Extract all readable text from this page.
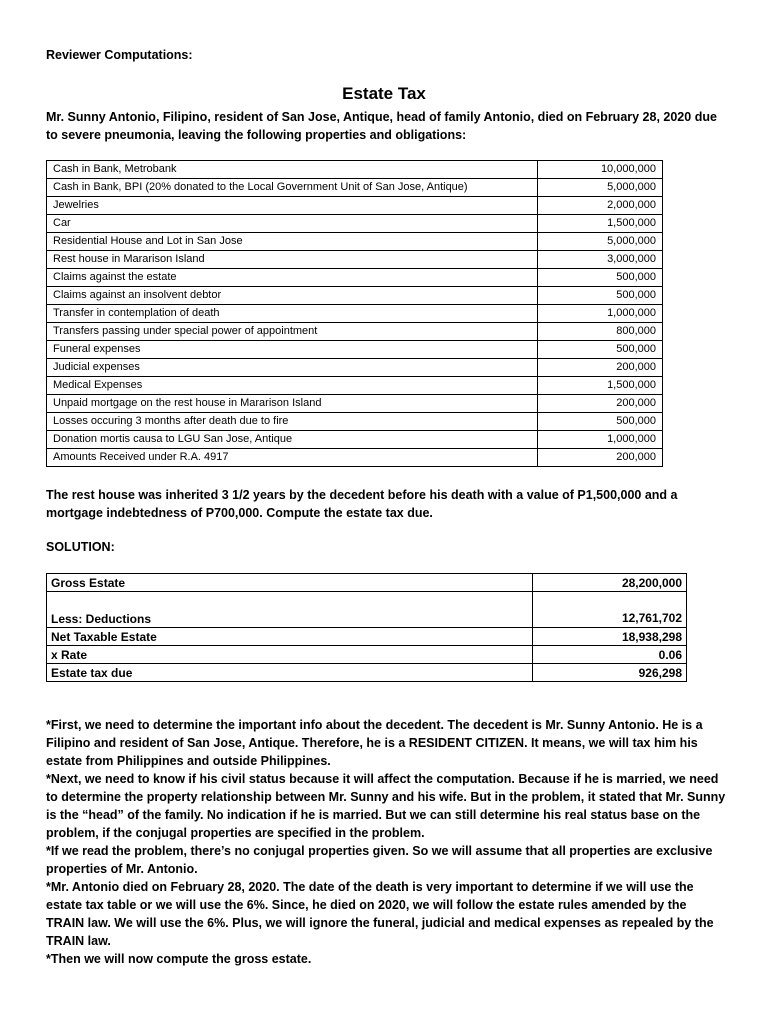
Reviewer Computations:
Estate Tax
Mr. Sunny Antonio, Filipino, resident of San Jose, Antique, head of family Antonio, died on February 28, 2020 due to severe pneumonia, leaving the following properties and obligations:
Cash in Bank, Metrobank	10,000,000
Cash in Bank, BPI (20% donated to the Local Government Unit of San Jose, Antique)	5,000,000
Jewelries	2,000,000
Car	1,500,000
Residential House and Lot in San Jose	5,000,000
Rest house in Mararison Island	3,000,000
Claims against the estate	500,000
Claims against an insolvent debtor	500,000
Transfer in contemplation of death	1,000,000
Transfers passing under special power of appointment	800,000
Funeral expenses	500,000
Judicial expenses	200,000
Medical Expenses	1,500,000
Unpaid mortgage on the rest house in Mararison Island	200,000
Losses occuring 3 months after death due to fire	500,000
Donation mortis causa to LGU San Jose, Antique	1,000,000
Amounts Received under R.A. 4917	200,000
The rest house was inherited 3 1/2 years by the decedent before his death with a value of P1,500,000 and a mortgage indebtedness of P700,000. Compute the estate tax due.
SOLUTION:
Gross Estate	28,200,000
Less: Deductions	12,761,702

Net Taxable Estate	18,938,298
x Rate	0.06
Estate tax due	926,298

*First, we need to determine the important info about the decedent. The decedent is Mr. Sunny Antonio. He is a Filipino and resident of San Jose, Antique. Therefore, he is a RESIDENT CITIZEN. It means, we will tax him his estate from Philippines and outside Philippines.

*Next, we need to know if his civil status because it will affect the computation. Because if he is married, we need to determine the property relationship between Mr. Sunny and his wife. But in the problem, it stated that Mr. Sunny is the “head” of the family. No indication if he is married. But we can still determine his real status base on the problem, if the conjugal properties are specified in the problem.

*If we read the problem, there’s no conjugal properties given. So we will assume that all properties are exclusive properties of Mr. Antonio.

*Mr. Antonio died on February 28, 2020. The date of the death is very important to determine if we will use the estate tax table or we will use the 6%. Since, he died on 2020, we will follow the estate rules amended by the TRAIN law. We will use the 6%. Plus, we will ignore the funeral, judicial and medical expenses as repealed by the TRAIN law.

*Then we will now compute the gross estate.
